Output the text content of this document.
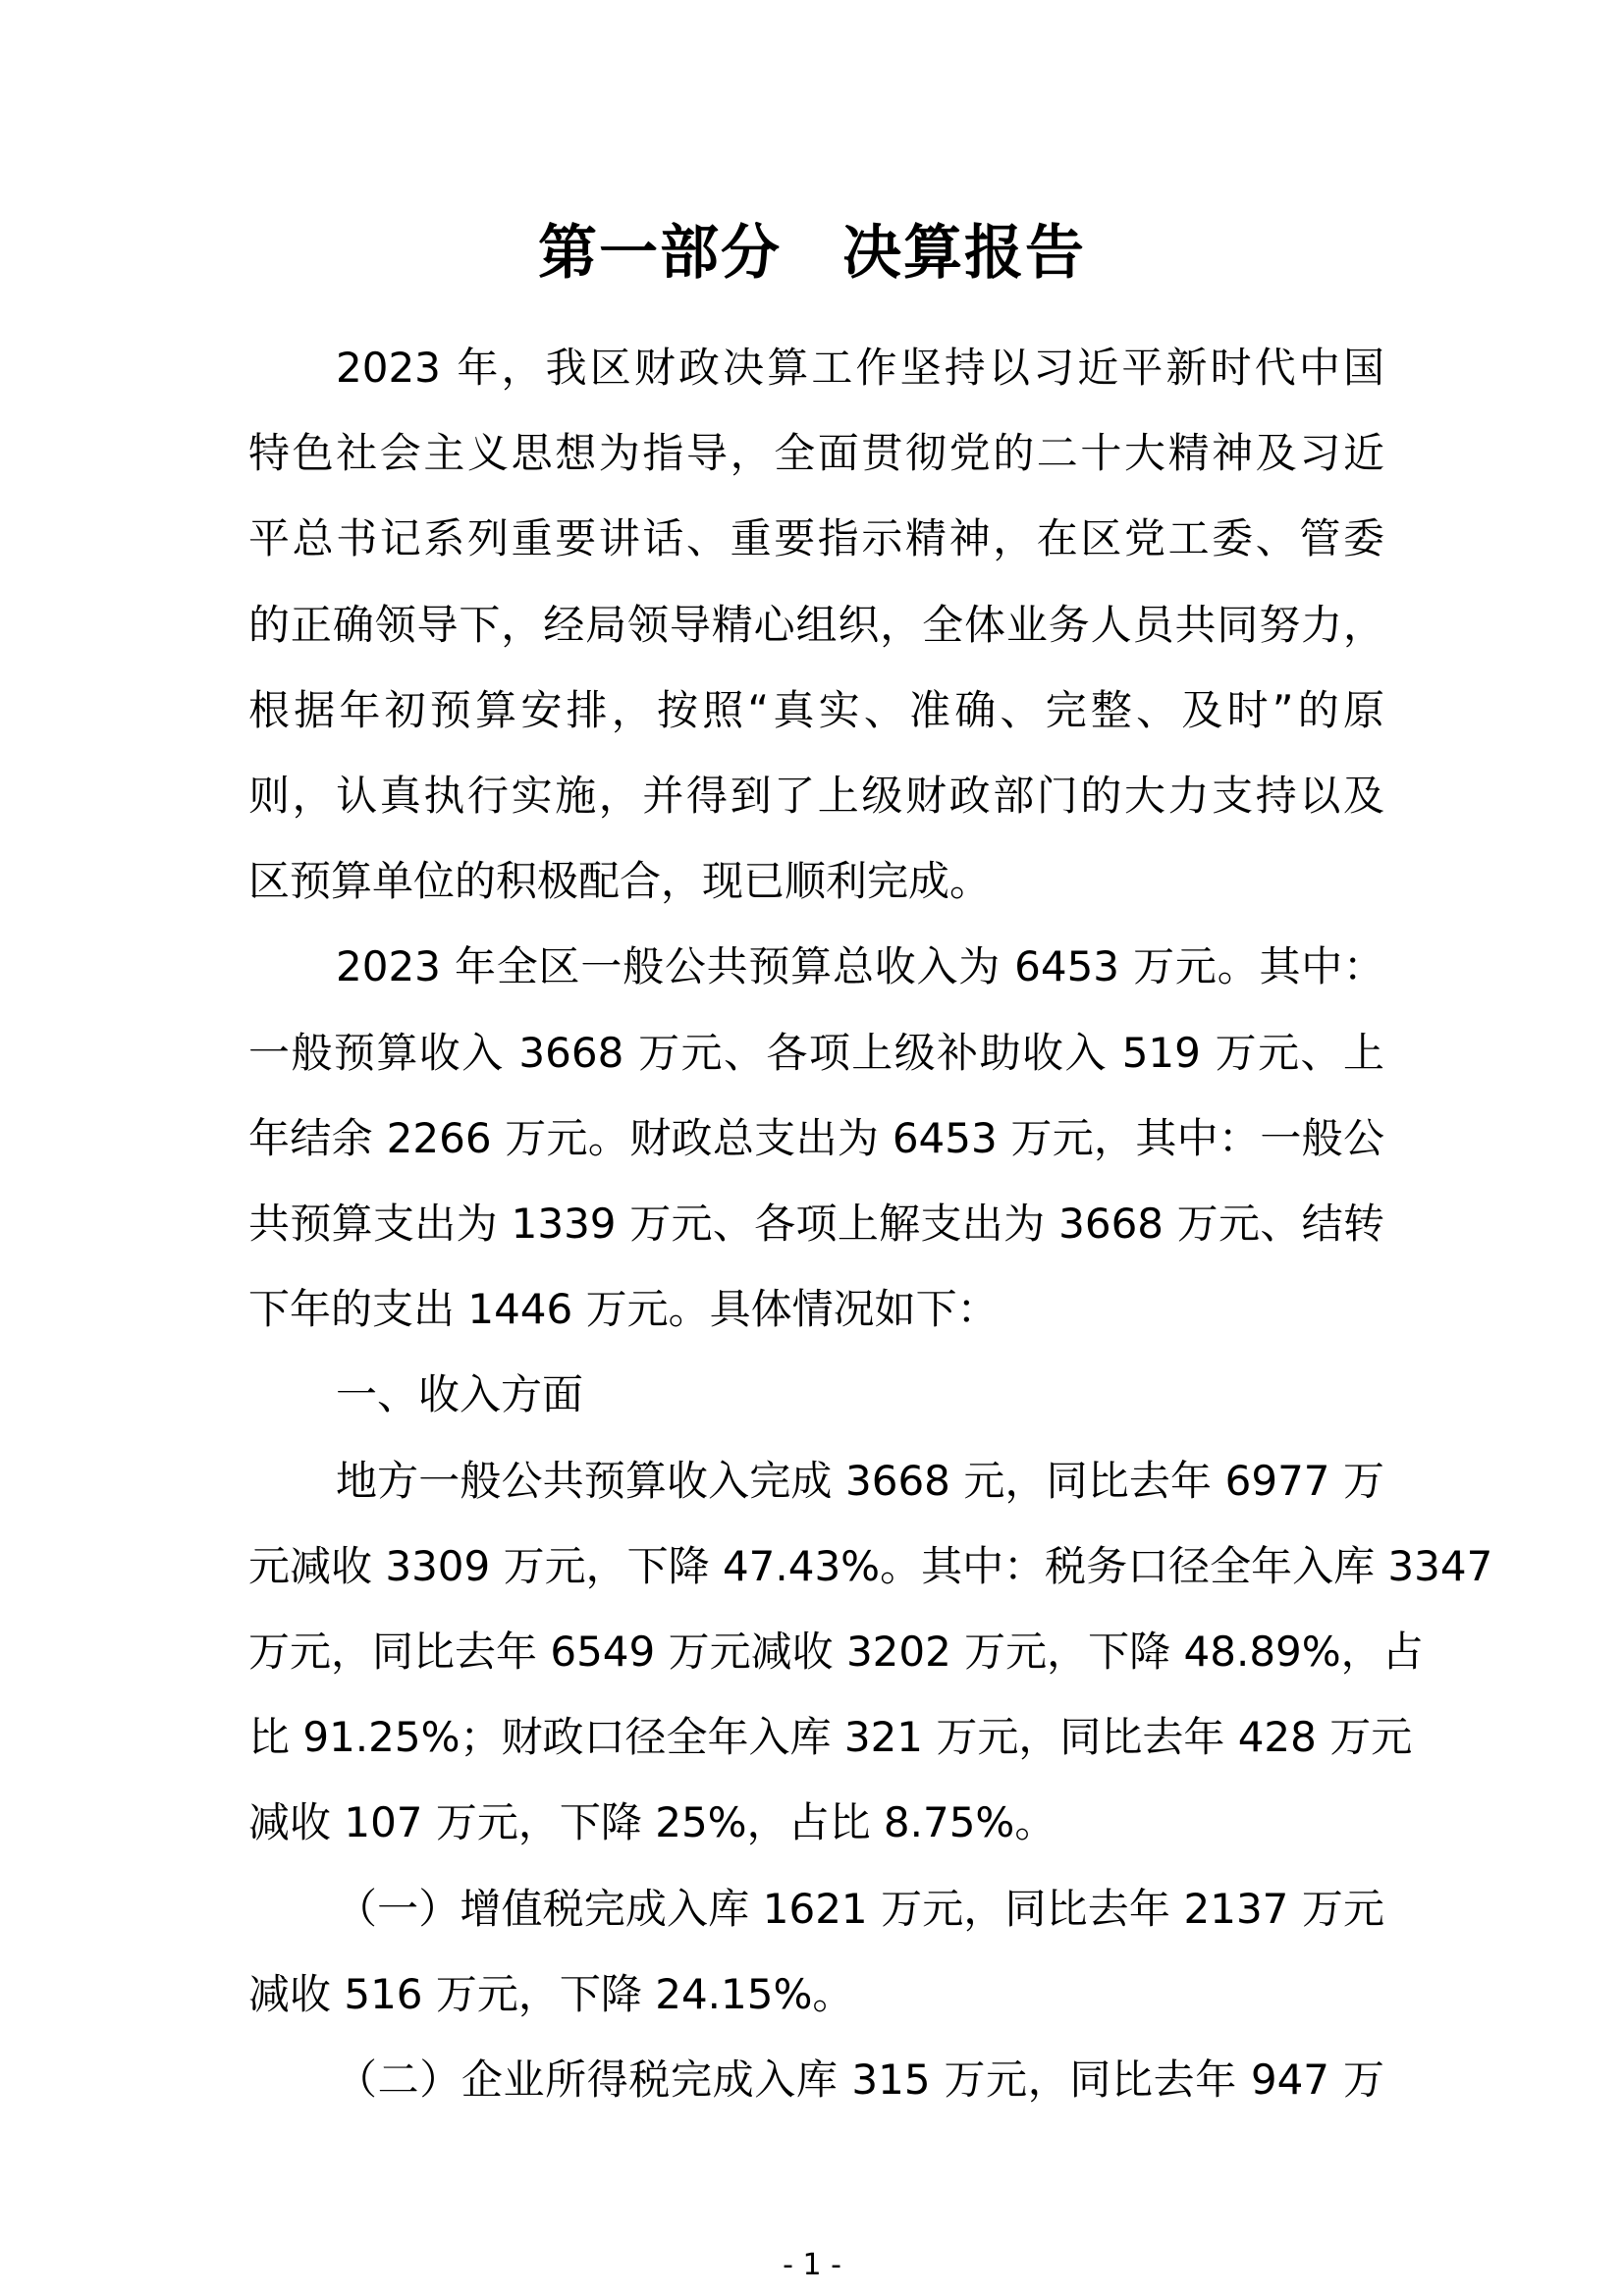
第一部分　决算报告
2023 年，我区财政决算工作坚持以习近平新时代中国
特色社会主义思想为指导，全面贯彻党的二十大精神及习近
平总书记系列重要讲话、重要指示精神，在区党工委、管委
的正确领导下，经局领导精心组织，全体业务人员共同努力，
根据年初预算安排，按照“真实、准确、完整、及时”的原
则，认真执行实施，并得到了上级财政部门的大力支持以及
区预算单位的积极配合，现已顺利完成。
2023 年全区一般公共预算总收入为 6453 万元。其中：
一般预算收入 3668 万元、各项上级补助收入 519 万元、上
年结余 2266 万元。财政总支出为 6453 万元，其中：一般公
共预算支出为 1339 万元、各项上解支出为 3668 万元、结转
下年的支出 1446 万元。具体情况如下：
一、收入方面
地方一般公共预算收入完成 3668 元，同比去年 6977 万
元减收 3309 万元，下降 47.43%。其中：税务口径全年入库 3347
万元，同比去年 6549 万元减收 3202 万元，下降 48.89%，占
比 91.25%；财政口径全年入库 321 万元，同比去年 428 万元
减收 107 万元，下降 25%，占比 8.75%。
（一）增值税完成入库 1621 万元，同比去年 2137 万元
减收 516 万元，下降 24.15%。
（二）企业所得税完成入库 315 万元，同比去年 947 万
- 1 -
